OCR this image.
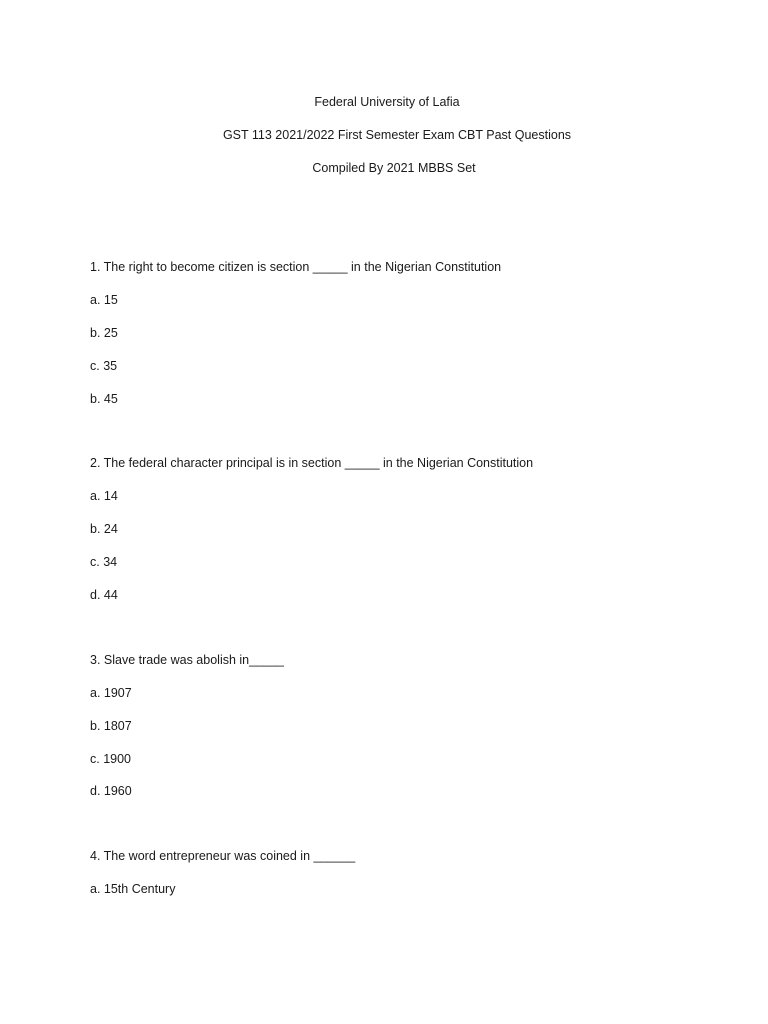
Federal University of Lafia
GST 113 2021/2022 First Semester Exam CBT Past Questions
Compiled By 2021 MBBS Set
1. The right to become citizen is section _____ in the Nigerian Constitution
a. 15
b. 25
c. 35
b. 45
2. The federal character principal is in section _____ in the Nigerian Constitution
a. 14
b. 24
c. 34
d. 44
3. Slave trade was abolish in_____
a. 1907
b. 1807
c. 1900
d. 1960
4. The word entrepreneur was coined in ______
a. 15th Century
